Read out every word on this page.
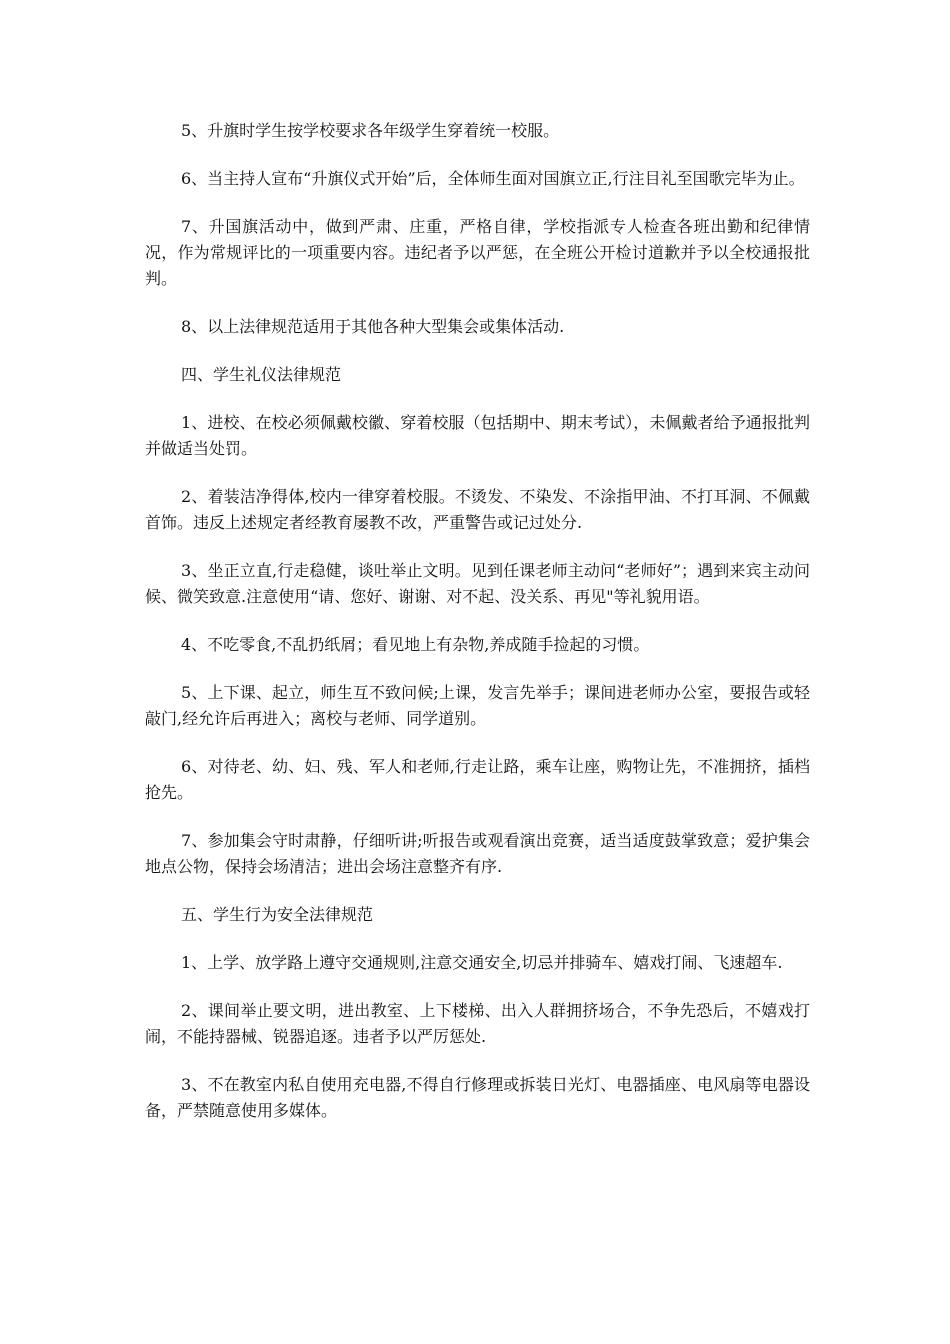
5、升旗时学生按学校要求各年级学生穿着统一校服。

6、当主持人宣布“升旗仪式开始”后，全体师生面对国旗立正,行注目礼至国歌完毕为止。

7、升国旗活动中，做到严肃、庄重，严格自律，学校指派专人检查各班出勤和纪律情况，作为常规评比的一项重要内容。违纪者予以严惩，在全班公开检讨道歉并予以全校通报批判。

8、以上法律规范适用于其他各种大型集会或集体活动.

四、学生礼仪法律规范

1、进校、在校必须佩戴校徽、穿着校服（包括期中、期末考试），未佩戴者给予通报批判并做适当处罚。

2、着装洁净得体,校内一律穿着校服。不烫发、不染发、不涂指甲油、不打耳洞、不佩戴首饰。违反上述规定者经教育屡教不改，严重警告或记过处分.

3、坐正立直,行走稳健，谈吐举止文明。见到任课老师主动问“老师好”；遇到来宾主动问候、微笑致意.注意使用“请、您好、谢谢、对不起、没关系、再见"等礼貌用语。

4、不吃零食,不乱扔纸屑；看见地上有杂物,养成随手捡起的习惯。

5、上下课、起立，师生互不致问候;上课，发言先举手；课间进老师办公室，要报告或轻敲门,经允许后再进入；离校与老师、同学道别。

6、对待老、幼、妇、残、军人和老师,行走让路，乘车让座，购物让先，不准拥挤，插档抢先。

7、参加集会守时肃静，仔细听讲;听报告或观看演出竞赛，适当适度鼓掌致意；爱护集会地点公物，保持会场清洁；进出会场注意整齐有序.

五、学生行为安全法律规范

1、上学、放学路上遵守交通规则,注意交通安全,切忌并排骑车、嬉戏打闹、飞速超车.

2、课间举止要文明，进出教室、上下楼梯、出入人群拥挤场合，不争先恐后，不嬉戏打闹，不能持器械、锐器追逐。违者予以严厉惩处.

3、不在教室内私自使用充电器,不得自行修理或拆装日光灯、电器插座、电风扇等电器设备，严禁随意使用多媒体。
